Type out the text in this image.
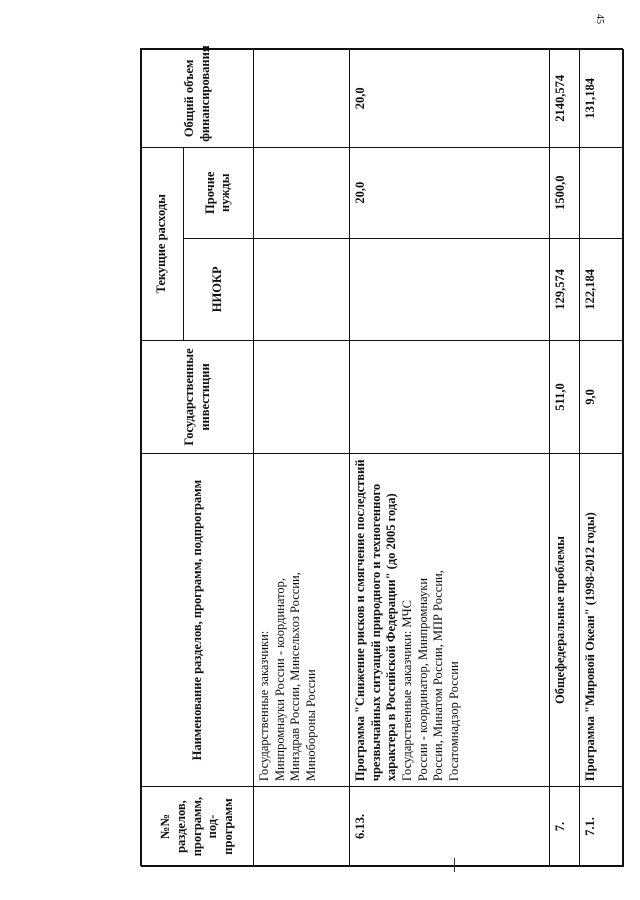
45
№№ разделов, программ, под-программ	Наименование разделов, программ, подпрограмм	Государственные инвестиции	Текущие расходы		Общий объем финансирования
			НИОКР	Прочие нужды	

	Государственные заказчики: Минпромнауки России - координатор, Минздрав России, Минсельхоз России, Минобороны России				

6.13.	Программа "Снижение рисков и смягчение последствий чрезвычайных ситуаций природного и техногенного характера в Российской Федерации" (до 2005 года) Государственные заказчики: МЧС России - координатор, Минпромнауки России, Минатом России, МПР России, Госатомнадзор России			20,0	20,0
7.	Общефедеральные проблемы	511,0	129,574	1500,0	2140,574
7.1.	Программа "Мировой Океан" (1998-2012 годы)	9,0	122,184		131,184
